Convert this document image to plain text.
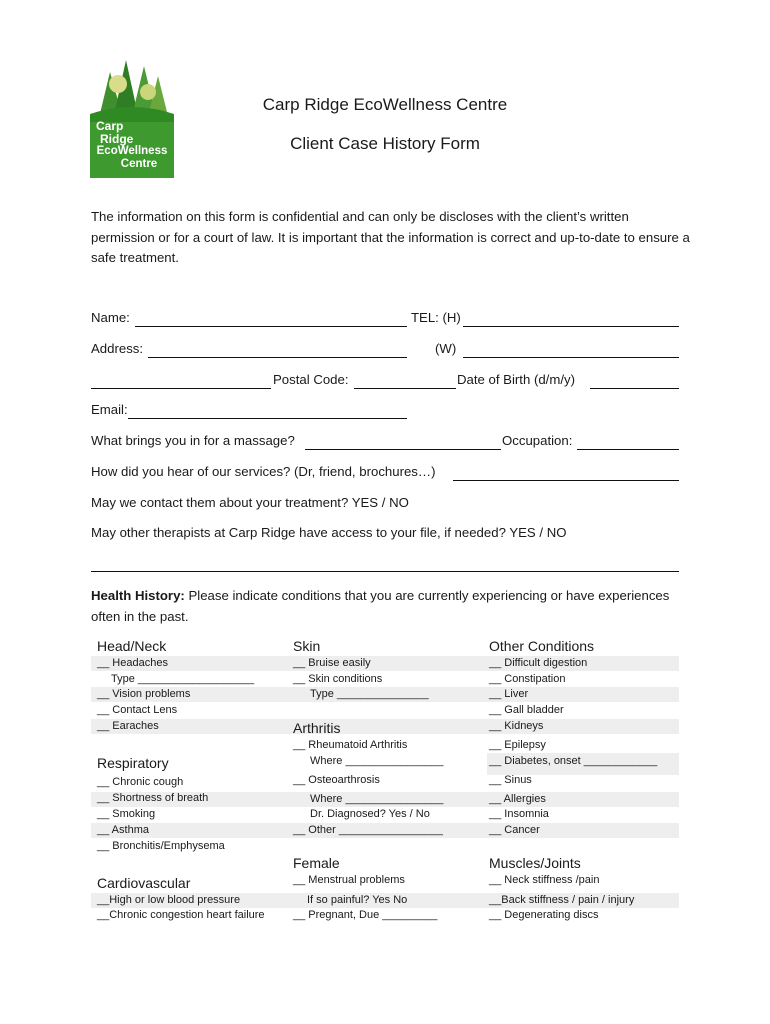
Carp
Ridge
EcoWellness
Centre
Carp Ridge EcoWellness Centre
Client Case History Form
The information on this form is confidential and can only be discloses with the client’s written permission or for a court of law. It is important that the information is correct and up-to-date to ensure a safe treatment.
Name:	TEL: (H)
Address:	(W)
Postal Code:	Date of Birth (d/m/y)
Email:
What brings you in for a massage?	Occupation:
How did you hear of our services? (Dr, friend, brochures…)
May we contact them about your treatment? YES / NO
May other therapists at Carp Ridge have access to your file, if needed? YES / NO
Health History: Please indicate conditions that you are currently experiencing or have experiences often in the past.
Head/Neck
__ Headaches
Type ___________________
__ Vision problems
__ Contact Lens
__ Earaches
Respiratory
__ Chronic cough
__ Shortness of breath
__ Smoking
__ Asthma
__ Bronchitis/Emphysema
Cardiovascular
__High or low blood pressure
__Chronic congestion heart failure
Skin
__ Bruise easily
__ Skin conditions
Type _______________
Arthritis
__ Rheumatoid Arthritis
Where ________________
__ Osteoarthrosis
Where ________________
Dr. Diagnosed? Yes / No
__ Other _________________
Female
__ Menstrual problems
If so painful? Yes No
__ Pregnant, Due _________
Other Conditions
__ Difficult digestion
__ Constipation
__ Liver
__ Gall bladder
__ Kidneys
__ Epilepsy
__ Diabetes, onset ____________
__ Sinus
__ Allergies
__ Insomnia
__ Cancer
Muscles/Joints
__ Neck stiffness /pain
__Back stiffness / pain / injury
__ Degenerating discs
